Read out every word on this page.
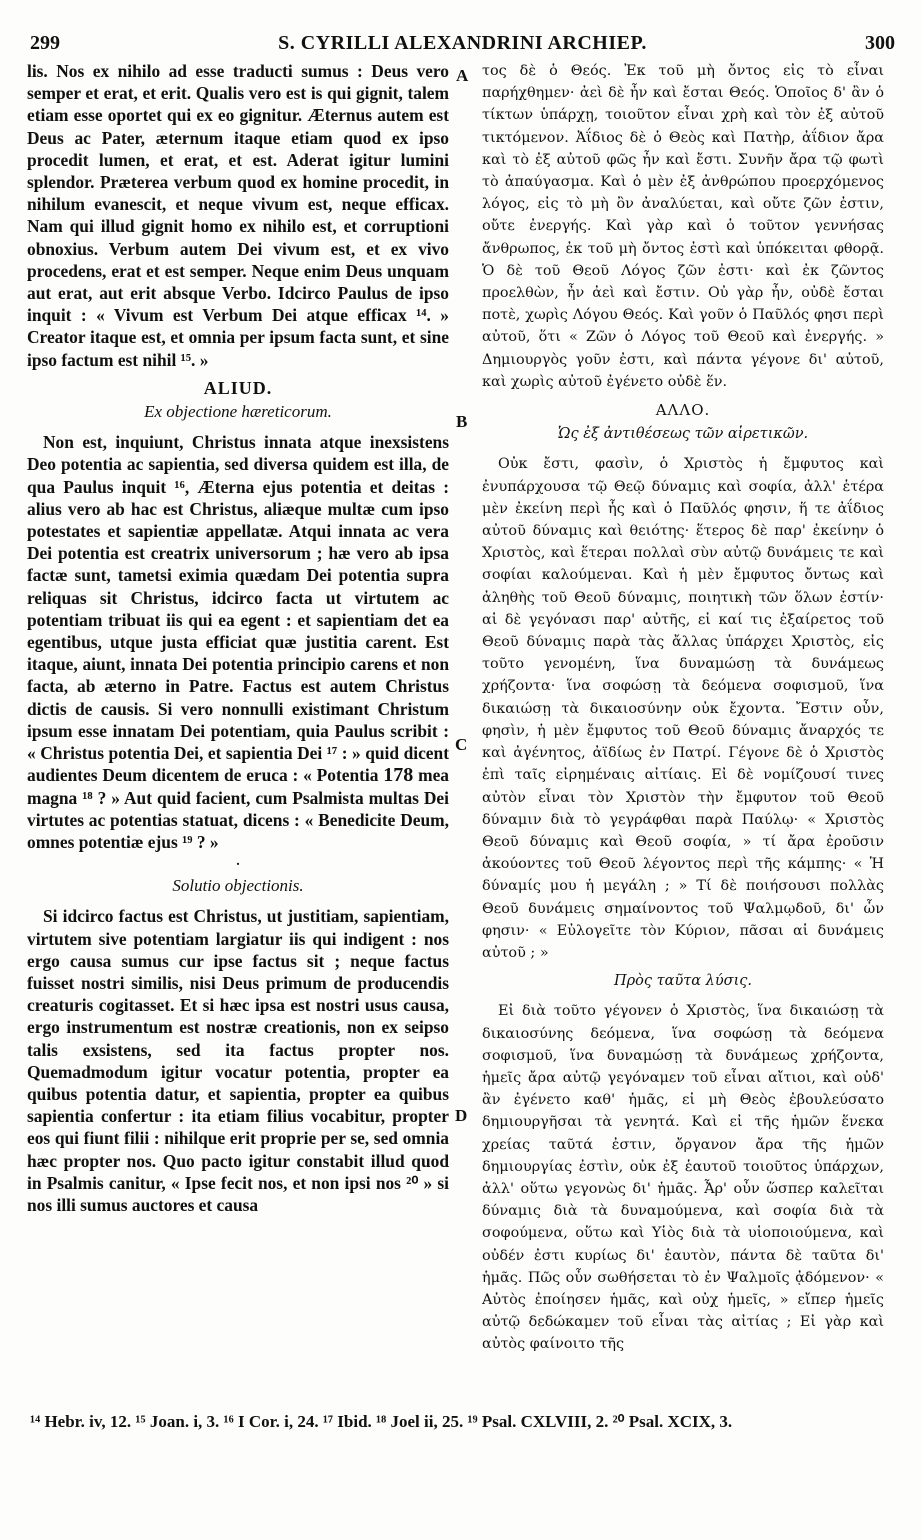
299	S. CYRILLI ALEXANDRINI ARCHIEP.	300
A
B
C
D

lis. Nos ex nihilo ad esse traducti sumus : Deus vero semper et erat, et erit. Qualis vero est is qui gignit, talem etiam esse oportet qui ex eo gignitur. Æternus autem est Deus ac Pater, æternum itaque etiam quod ex ipso procedit lumen, et erat, et est. Aderat igitur lumini splendor. Præterea verbum quod ex homine procedit, in nihilum evanescit, et neque vivum est, neque efficax. Nam qui illud gignit homo ex nihilo est, et corruptioni obnoxius. Verbum autem Dei vivum est, et ex vivo procedens, erat et est semper. Neque enim Deus unquam aut erat, aut erit absque Verbo. Idcirco Paulus de ipso inquit : « Vivum est Verbum Dei atque efficax ¹⁴. » Creator itaque est, et omnia per ipsum facta sunt, et sine ipso factum est nihil ¹⁵. »

ALIUD.
Ex objectione hæreticorum.

Non est, inquiunt, Christus innata atque inexsistens Deo potentia ac sapientia, sed diversa quidem est illa, de qua Paulus inquit ¹⁶, Æterna ejus potentia et deitas : alius vero ab hac est Christus, aliæque multæ cum ipso potestates et sapientiæ appellatæ. Atqui innata ac vera Dei potentia est creatrix universorum ; hæ vero ab ipsa factæ sunt, tametsi eximia quædam Dei potentia supra reliquas sit Christus, idcirco facta ut virtutem ac potentiam tribuat iis qui ea egent : et sapientiam det ea egentibus, utque justa efficiat quæ justitia carent. Est itaque, aiunt, innata Dei potentia principio carens et non facta, ab æterno in Patre. Factus est autem Christus dictis de causis. Si vero nonnulli existimant Christum ipsum esse innatam Dei potentiam, quia Paulus scribit : « Christus potentia Dei, et sapientia Dei ¹⁷ : » quid dicent audientes Deum dicentem de eruca : « Potentia 178 mea magna ¹⁸ ? » Aut quid facient, cum Psalmista multas Dei virtutes ac potentias statuat, dicens : « Benedicite Deum, omnes potentiæ ejus ¹⁹ ? »

.
Solutio objectionis.

Si idcirco factus est Christus, ut justitiam, sapientiam, virtutem sive potentiam largiatur iis qui indigent : nos ergo causa sumus cur ipse factus sit ; neque factus fuisset nostri similis, nisi Deus primum de producendis creaturis cogitasset. Et si hæc ipsa est nostri usus causa, ergo instrumentum est nostræ creationis, non ex seipso talis exsistens, sed ita factus propter nos. Quemadmodum igitur vocatur potentia, propter ea quibus potentia datur, et sapientia, propter ea quibus sapientia confertur : ita etiam filius vocabitur, propter eos qui fiunt filii : nihilque erit proprie per se, sed omnia hæc propter nos. Quo pacto igitur constabit illud quod in Psalmis canitur, « Ipse fecit nos, et non ipsi nos ²⁰ » si nos illi sumus auctores et causa

τος δὲ ὁ Θεός. Ἐκ τοῦ μὴ ὄντος εἰς τὸ εἶναι παρήχθημεν· ἀεὶ δὲ ἦν καὶ ἔσται Θεός. Ὁποῖος δ' ἂν ὁ τίκτων ὑπάρχῃ, τοιοῦτον εἶναι χρὴ καὶ τὸν ἐξ αὐτοῦ τικτόμενον. Ἀΐδιος δὲ ὁ Θεὸς καὶ Πατὴρ, ἀΐδιον ἄρα καὶ τὸ ἐξ αὐτοῦ φῶς ἦν καὶ ἔστι. Συνῆν ἄρα τῷ φωτὶ τὸ ἀπαύγασμα. Καὶ ὁ μὲν ἐξ ἀνθρώπου προερχόμενος λόγος, εἰς τὸ μὴ ὂν ἀναλύεται, καὶ οὔτε ζῶν ἐστιν, οὔτε ἐνεργής. Καὶ γὰρ καὶ ὁ τοῦτον γεννήσας ἄνθρωπος, ἐκ τοῦ μὴ ὄντος ἐστὶ καὶ ὑπόκειται φθορᾷ. Ὁ δὲ τοῦ Θεοῦ Λόγος ζῶν ἐστι· καὶ ἐκ ζῶντος προελθὼν, ἦν ἀεὶ καὶ ἔστιν. Οὐ γὰρ ἦν, οὐδὲ ἔσται ποτὲ, χωρὶς Λόγου Θεός. Καὶ γοῦν ὁ Παῦλός φησι περὶ αὐτοῦ, ὅτι « Ζῶν ὁ Λόγος τοῦ Θεοῦ καὶ ἐνεργής. » Δημιουργὸς γοῦν ἐστι, καὶ πάντα γέγονε δι' αὐτοῦ, καὶ χωρὶς αὐτοῦ ἐγένετο οὐδὲ ἕν.

ΑΛΛΟ.
Ὡς ἐξ ἀντιθέσεως τῶν αἱρετικῶν.

Οὐκ ἔστι, φασὶν, ὁ Χριστὸς ἡ ἔμφυτος καὶ ἐνυπάρχουσα τῷ Θεῷ δύναμις καὶ σοφία, ἀλλ' ἑτέρα μὲν ἐκείνη περὶ ἧς καὶ ὁ Παῦλός φησιν, ἥ τε ἀΐδιος αὐτοῦ δύναμις καὶ θειότης· ἕτερος δὲ παρ' ἐκείνην ὁ Χριστὸς, καὶ ἕτεραι πολλαὶ σὺν αὐτῷ δυνάμεις τε καὶ σοφίαι καλούμεναι. Καὶ ἡ μὲν ἔμφυτος ὄντως καὶ ἀληθὴς τοῦ Θεοῦ δύναμις, ποιητικὴ τῶν ὅλων ἐστίν· αἱ δὲ γεγόνασι παρ' αὐτῆς, εἰ καί τις ἐξαίρετος τοῦ Θεοῦ δύναμις παρὰ τὰς ἄλλας ὑπάρχει Χριστὸς, εἰς τοῦτο γενομένη, ἵνα δυναμώσῃ τὰ δυνάμεως χρήζοντα· ἵνα σοφώσῃ τὰ δεόμενα σοφισμοῦ, ἵνα δικαιώσῃ τὰ δικαιοσύνην οὐκ ἔχοντα. Ἔστιν οὖν, φησὶν, ἡ μὲν ἔμφυτος τοῦ Θεοῦ δύναμις ἄναρχός τε καὶ ἀγένητος, ἀϊδίως ἐν Πατρί. Γέγονε δὲ ὁ Χριστὸς ἐπὶ ταῖς εἰρημέναις αἰτίαις. Εἰ δὲ νομίζουσί τινες αὐτὸν εἶναι τὸν Χριστὸν τὴν ἔμφυτον τοῦ Θεοῦ δύναμιν διὰ τὸ γεγράφθαι παρὰ Παύλῳ· « Χριστὸς Θεοῦ δύναμις καὶ Θεοῦ σοφία, » τί ἄρα ἐροῦσιν ἀκούοντες τοῦ Θεοῦ λέγοντος περὶ τῆς κάμπης· « Ἡ δύναμίς μου ἡ μεγάλη ; » Τί δὲ ποιήσουσι πολλὰς Θεοῦ δυνάμεις σημαίνοντος τοῦ Ψαλμῳδοῦ, δι' ὧν φησιν· « Εὐλογεῖτε τὸν Κύριον, πᾶσαι αἱ δυνάμεις αὐτοῦ ; »

Πρὸς ταῦτα λύσις.

Εἰ διὰ τοῦτο γέγονεν ὁ Χριστὸς, ἵνα δικαιώσῃ τὰ δικαιοσύνης δεόμενα, ἵνα σοφώσῃ τὰ δεόμενα σοφισμοῦ, ἵνα δυναμώσῃ τὰ δυνάμεως χρήζοντα, ἡμεῖς ἄρα αὐτῷ γεγόναμεν τοῦ εἶναι αἴτιοι, καὶ οὐδ' ἂν ἐγένετο καθ' ἡμᾶς, εἰ μὴ Θεὸς ἐβουλεύσατο δημιουργῆσαι τὰ γενητά. Καὶ εἰ τῆς ἡμῶν ἕνεκα χρείας ταῦτά ἐστιν, ὄργανον ἄρα τῆς ἡμῶν δημιουργίας ἐστὶν, οὐκ ἐξ ἑαυτοῦ τοιοῦτος ὑπάρχων, ἀλλ' οὕτω γεγονὼς δι' ἡμᾶς. Ἆρ' οὖν ὥσπερ καλεῖται δύναμις διὰ τὰ δυναμούμενα, καὶ σοφία διὰ τὰ σοφούμενα, οὕτω καὶ Υἱὸς διὰ τὰ υἱοποιούμενα, καὶ οὐδέν ἐστι κυρίως δι' ἑαυτὸν, πάντα δὲ ταῦτα δι' ἡμᾶς. Πῶς οὖν σωθήσεται τὸ ἐν Ψαλμοῖς ᾀδόμενον· « Αὐτὸς ἐποίησεν ἡμᾶς, καὶ οὐχ ἡμεῖς, » εἴπερ ἡμεῖς αὐτῷ δεδώκαμεν τοῦ εἶναι τὰς αἰτίας ; Εἰ γὰρ καὶ αὐτὸς φαίνοιτο τῆς

¹⁴ Hebr. iv, 12. ¹⁵ Joan. i, 3. ¹⁶ I Cor. i, 24. ¹⁷ Ibid. ¹⁸ Joel ii, 25. ¹⁹ Psal. CXLVIII, 2. ²⁰ Psal. XCIX, 3.
